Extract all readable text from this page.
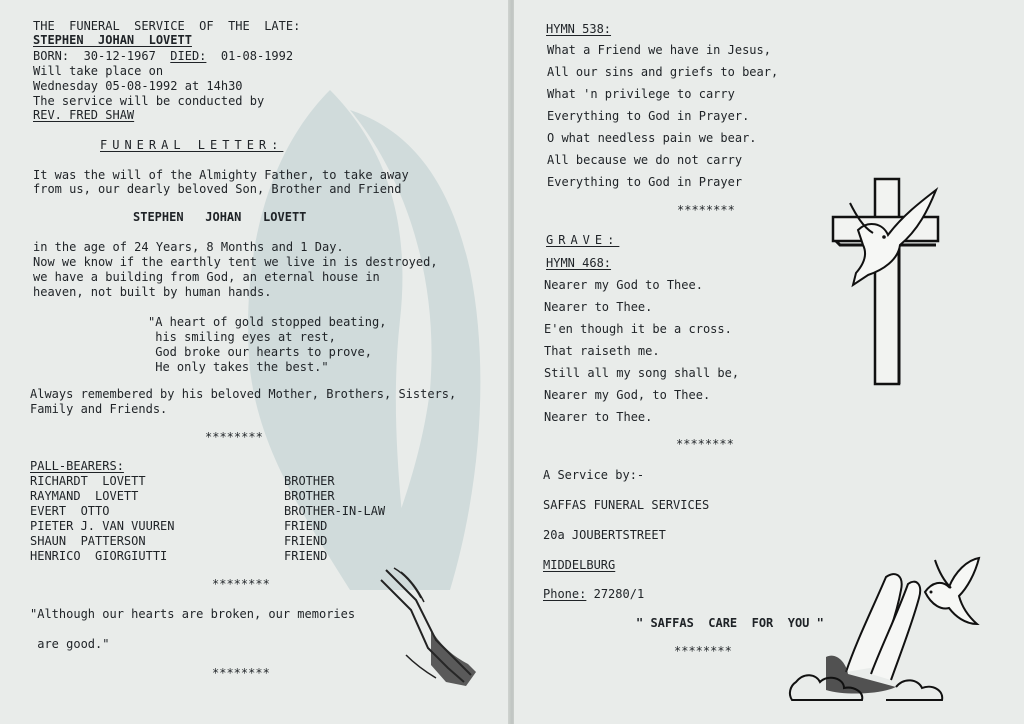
THE  FUNERAL  SERVICE  OF  THE  LATE:
STEPHEN  JOHAN  LOVETT
BORN: 30-12-1967 DIED: 01-08-1992
Will take place on
Wednesday 05-08-1992 at 14h30
The service will be conducted by
REV. FRED SHAW
FUNERAL LETTER:
It was the will of the Almighty Father, to take away
from us, our dearly beloved Son, Brother and Friend
STEPHEN   JOHAN   LOVETT
in the age of 24 Years, 8 Months and 1 Day.
Now we know if the earthly tent we live in is destroyed,
we have a building from God, an eternal house in
heaven, not built by human hands.
"A heart of gold stopped beating,
his smiling eyes at rest,
God broke our hearts to prove,
He only takes the best."
Always remembered by his beloved Mother, Brothers, Sisters,
Family and Friends.
********
PALL-BEARERS:
RICHARDT  LOVETT	BROTHER
RAYMAND  LOVETT	BROTHER
EVERT  OTTO	BROTHER-IN-LAW
PIETER J. VAN VUUREN	FRIEND
SHAUN  PATTERSON	FRIEND
HENRICO  GIORGIUTTI	FRIEND
********
"Although our hearts are broken, our memories
are good."
********
HYMN 538:
What a Friend we have in Jesus,
All our sins and griefs to bear,
What 'n privilege to carry
Everything to God in Prayer.
O what needless pain we bear.
All because we do not carry
Everything to God in Prayer
********
GRAVE:
HYMN 468:
Nearer my God to Thee.
Nearer to Thee.
E'en though it be a cross.
That raiseth me.
Still all my song shall be,
Nearer my God, to Thee.
Nearer to Thee.
********
A Service by:-
SAFFAS FUNERAL SERVICES
20a JOUBERTSTREET
MIDDELBURG
Phone: 27280/1
" SAFFAS  CARE  FOR  YOU "
********
